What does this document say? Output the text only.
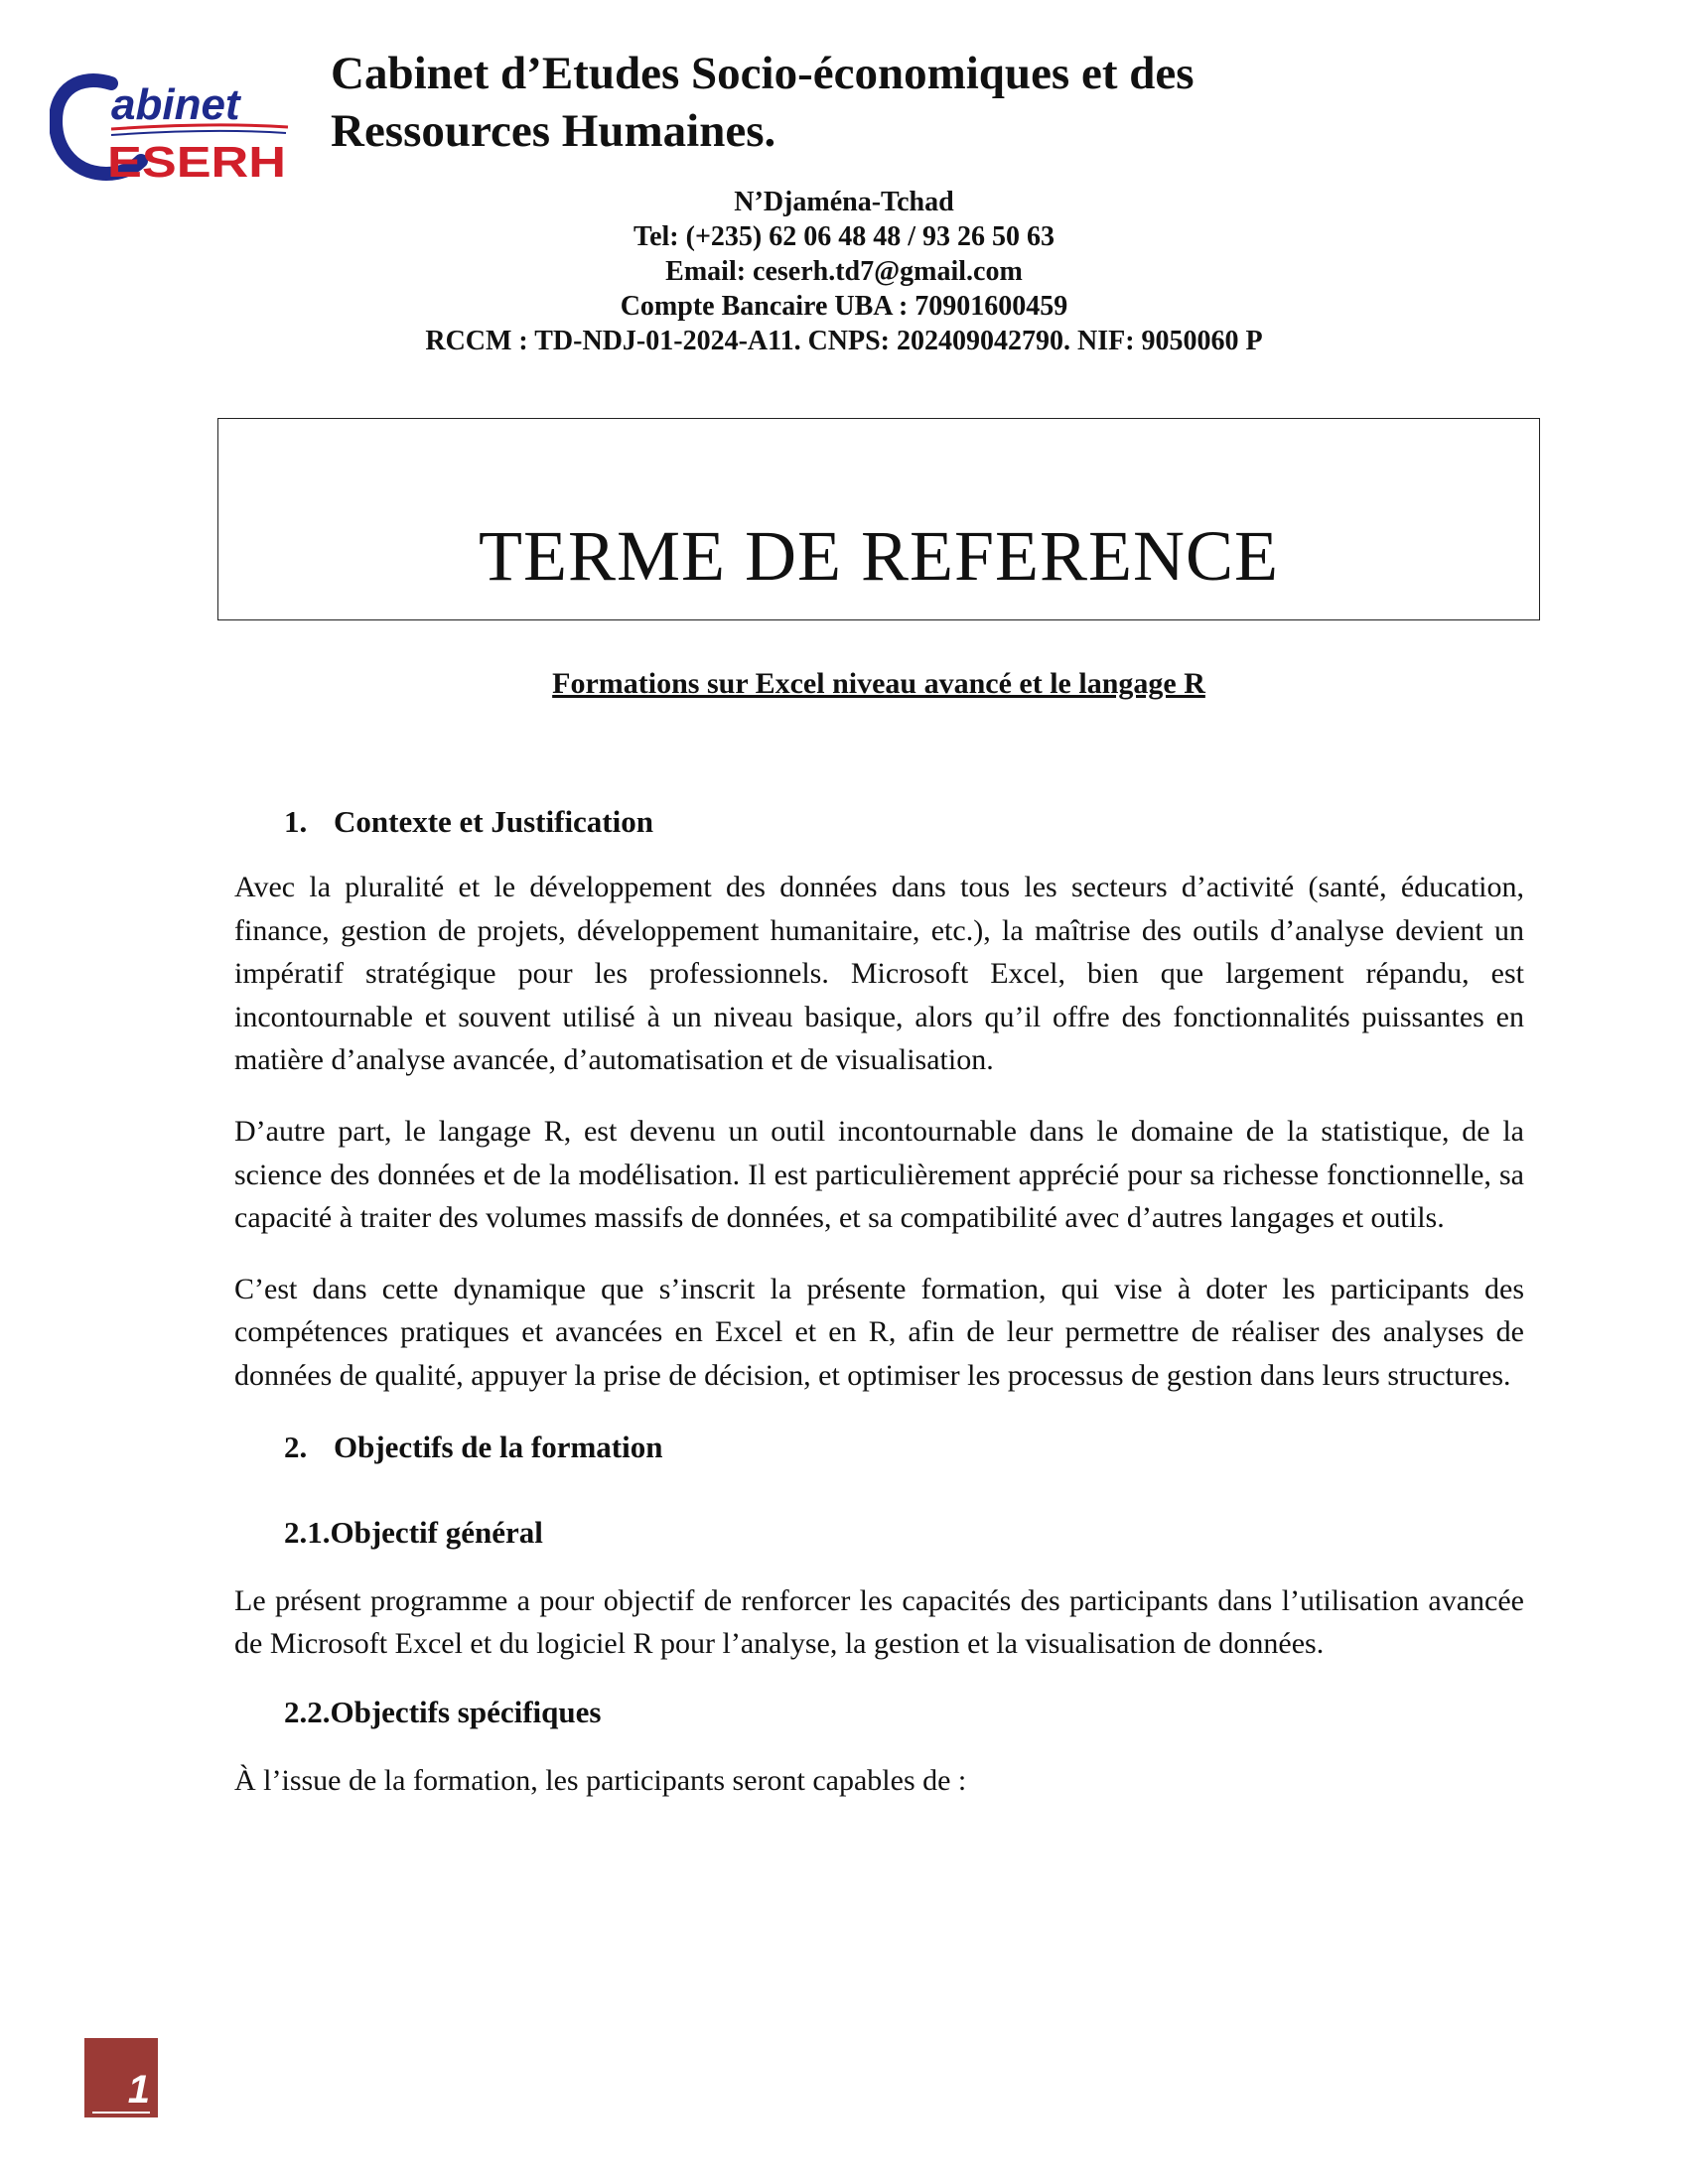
abinet
ESERH
Cabinet d’Etudes Socio-économiques et des
Ressources Humaines.
N’Djaména-Tchad
Tel: (+235) 62 06 48 48 / 93 26 50 63
Email: ceserh.td7@gmail.com
Compte Bancaire UBA : 70901600459
RCCM : TD-NDJ-01-2024-A11. CNPS: 202409042790. NIF: 9050060 P
TERME DE REFERENCE
Formations sur Excel niveau avancé et le langage R

1. Contexte et Justification

Avec la pluralité et le développement des données dans tous les secteurs d’activité (santé, éducation, finance, gestion de projets, développement humanitaire, etc.), la maîtrise des outils d’analyse devient un impératif stratégique pour les professionnels. Microsoft Excel, bien que largement répandu, est incontournable et souvent utilisé à un niveau basique, alors qu’il offre des fonctionnalités puissantes en matière d’analyse avancée, d’automatisation et de visualisation.

D’autre part, le langage R, est devenu un outil incontournable dans le domaine de la statistique, de la science des données et de la modélisation. Il est particulièrement apprécié pour sa richesse fonctionnelle, sa capacité à traiter des volumes massifs de données, et sa compatibilité avec d’autres langages et outils.

C’est dans cette dynamique que s’inscrit la présente formation, qui vise à doter les participants des compétences pratiques et avancées en Excel et en R, afin de leur permettre de réaliser des analyses de données de qualité, appuyer la prise de décision, et optimiser les processus de gestion dans leurs structures.

2. Objectifs de la formation

2.1.Objectif général

Le présent programme a pour objectif de renforcer les capacités des participants dans l’utilisation avancée de Microsoft Excel et du logiciel R pour l’analyse, la gestion et la visualisation de données.

2.2.Objectifs spécifiques

À l’issue de la formation, les participants seront capables de :

1
